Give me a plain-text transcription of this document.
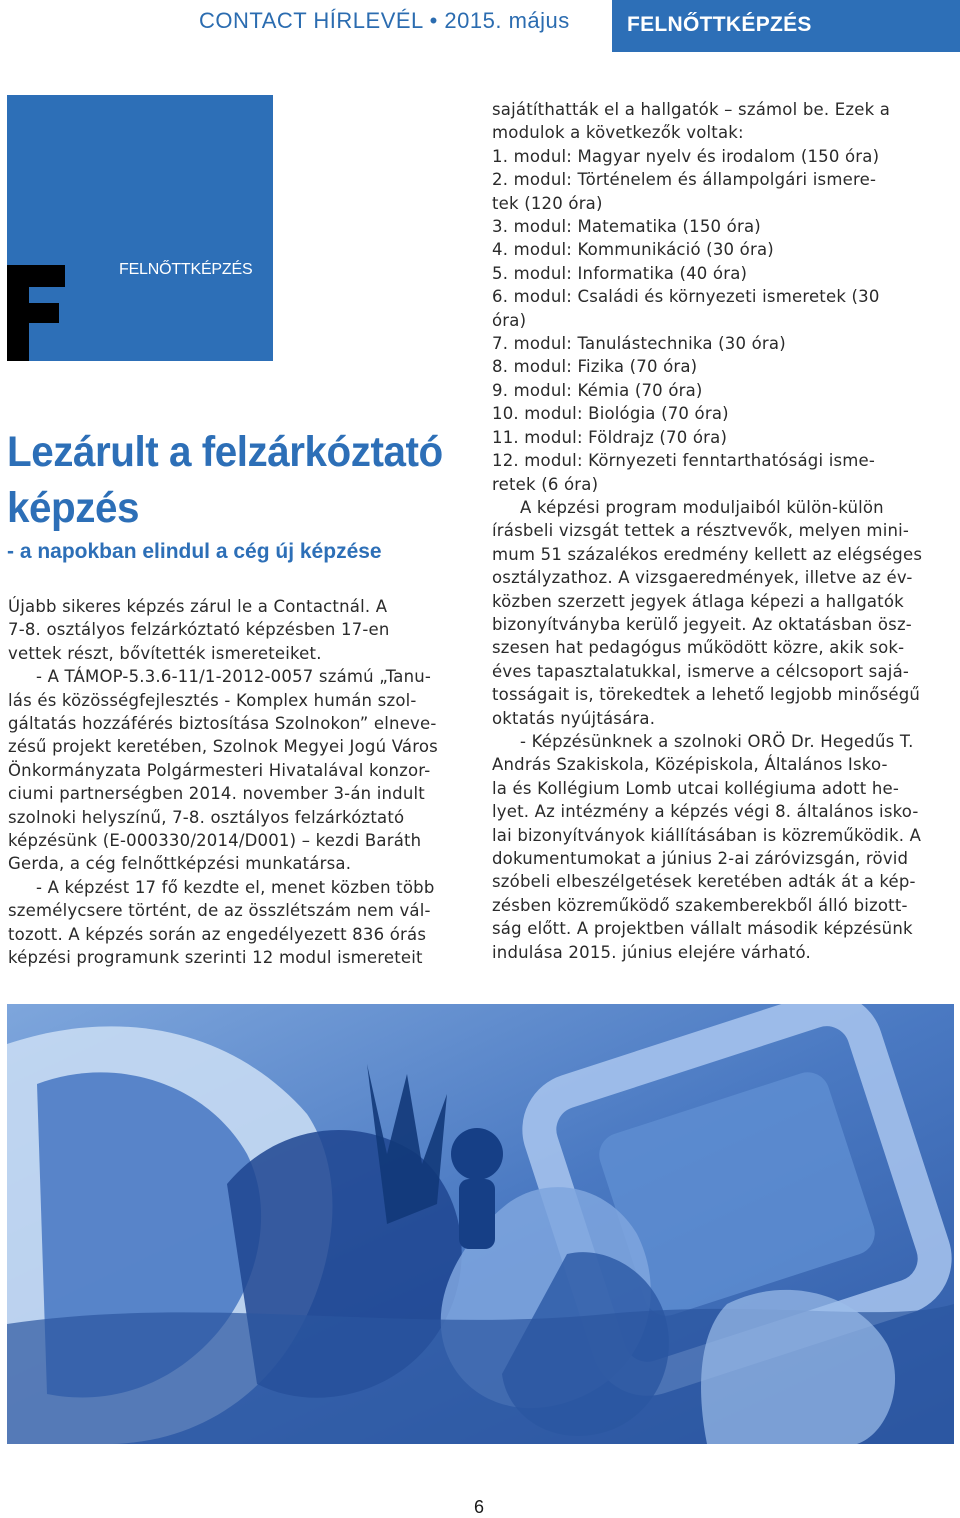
CONTACT HÍRLEVÉL • 2015. május	FELNŐTTKÉPZÉS
FELNŐTTKÉPZÉS
Lezárult a felzárkóztató
képzés
- a napokban elindul a cég új képzése

Újabb sikeres képzés zárul le a Contactnál. A

7-8. osztályos felzárkóztató képzésben 17-en

vettek részt, bővítették ismereteiket.

- A TÁMOP-5.3.6-11/1-2012-0057 számú „Tanu-

lás és közösségfejlesztés - Komplex humán szol-

gáltatás hozzáférés biztosítása Szolnokon” elneve-

zésű projekt keretében, Szolnok Megyei Jogú Város

Önkormányzata Polgármesteri Hivatalával konzor-

ciumi partnerségben 2014. november 3-án indult

szolnoki helyszínű, 7-8. osztályos felzárkóztató

képzésünk (E-000330/2014/D001) – kezdi Baráth

Gerda, a cég felnőttképzési munkatársa.

- A képzést 17 fő kezdte el, menet közben több

személycsere történt, de az összlétszám nem vál-

tozott. A képzés során az engedélyezett 836 órás

képzési programunk szerinti 12 modul ismereteit

sajátíthatták el a hallgatók – számol be. Ezek a

modulok a következők voltak:

1. modul: Magyar nyelv és irodalom (150 óra)

2. modul: Történelem és állampolgári ismere-

tek (120 óra)

3. modul: Matematika (150 óra)

4. modul: Kommunikáció (30 óra)

5. modul: Informatika (40 óra)

6. modul: Családi és környezeti ismeretek (30

óra)

7. modul: Tanulástechnika (30 óra)

8. modul: Fizika (70 óra)

9. modul: Kémia (70 óra)

10. modul: Biológia (70 óra)

11. modul: Földrajz (70 óra)

12. modul: Környezeti fenntarthatósági isme-

retek (6 óra)

A képzési program moduljaiból külön-külön

írásbeli vizsgát tettek a résztvevők, melyen mini-

mum 51 százalékos eredmény kellett az elégséges

osztályzathoz. A vizsgaeredmények, illetve az év-

közben szerzett jegyek átlaga képezi a hallgatók

bizonyítványba kerülő jegyeit. Az oktatásban ösz-

szesen hat pedagógus működött közre, akik sok-

éves tapasztalatukkal, ismerve a célcsoport sajá-

tosságait is, törekedtek a lehető legjobb minőségű

oktatás nyújtására.

- Képzésünknek a szolnoki ORÖ Dr. Hegedűs T.

András Szakiskola, Középiskola, Általános Isko-

la és Kollégium Lomb utcai kollégiuma adott he-

lyet. Az intézmény a képzés végi 8. általános isko-

lai bizonyítványok kiállításában is közreműködik. A

dokumentumokat a június 2-ai záróvizsgán, rövid

szóbeli elbeszélgetések keretében adták át a kép-

zésben közreműködő szakemberekből álló bizott-

ság előtt. A projektben vállalt második képzésünk

indulása 2015. június elejére várható.

6
